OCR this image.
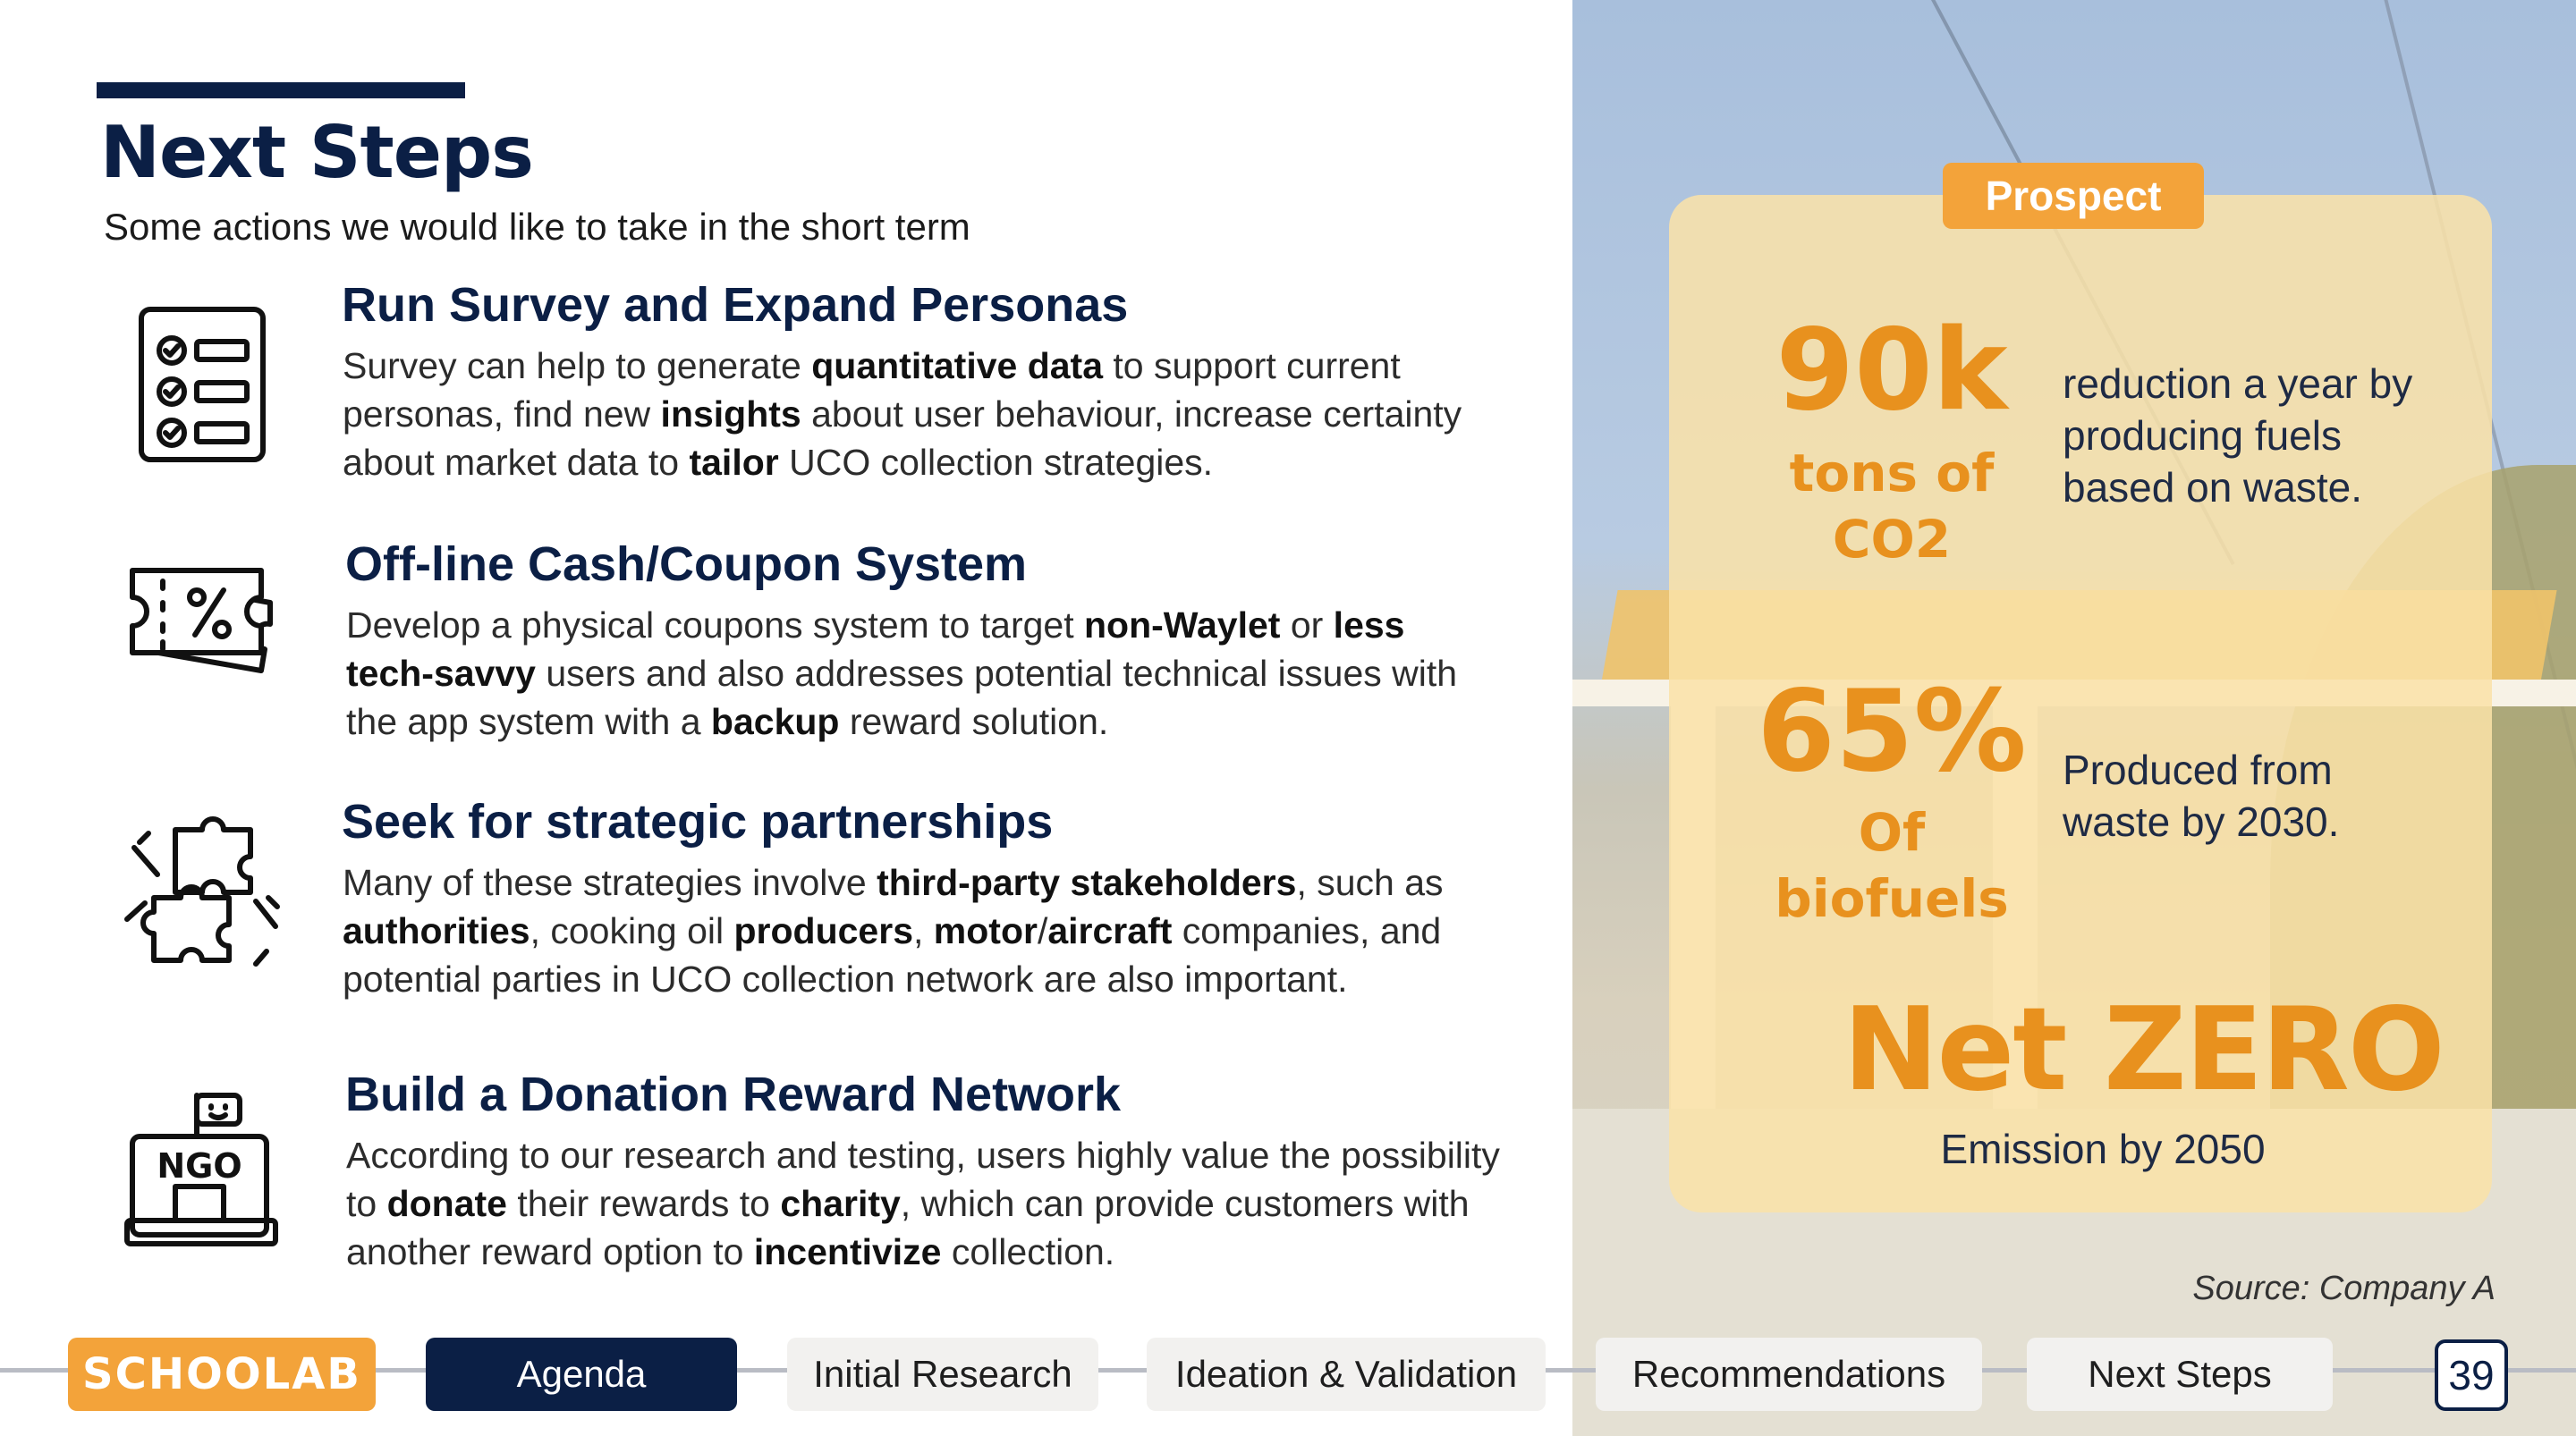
Next Steps
Some actions we would like to take in the short term
Run Survey and Expand Personas

Survey can help to generate quantitative data to support current personas, find new insights about user behaviour, increase certainty about market data to tailor UCO collection strategies.

Off-line Cash/Coupon System

Develop a physical coupons system to target non-Waylet or less tech-savvy users and also addresses potential technical issues with the app system with a backup reward solution.

Seek for strategic partnerships

Many of these strategies involve third-party stakeholders, such as authorities, cooking oil producers, motor/aircraft companies, and potential parties in UCO collection network are also important.

NGO
Build a Donation Reward Network

According to our research and testing, users highly value the possibility to donate their rewards to charity, which can provide customers with another reward option to incentivize collection.

Prospect
90k
tons of
CO2
reduction a year by producing fuels based on waste.
65%
Of
biofuels
Produced from waste by 2030.
Net ZERO
Emission by 2050
Source: Company A
SCHOOLAB	Agenda	Initial Research	Ideation & Validation	Recommendations	Next Steps	39
